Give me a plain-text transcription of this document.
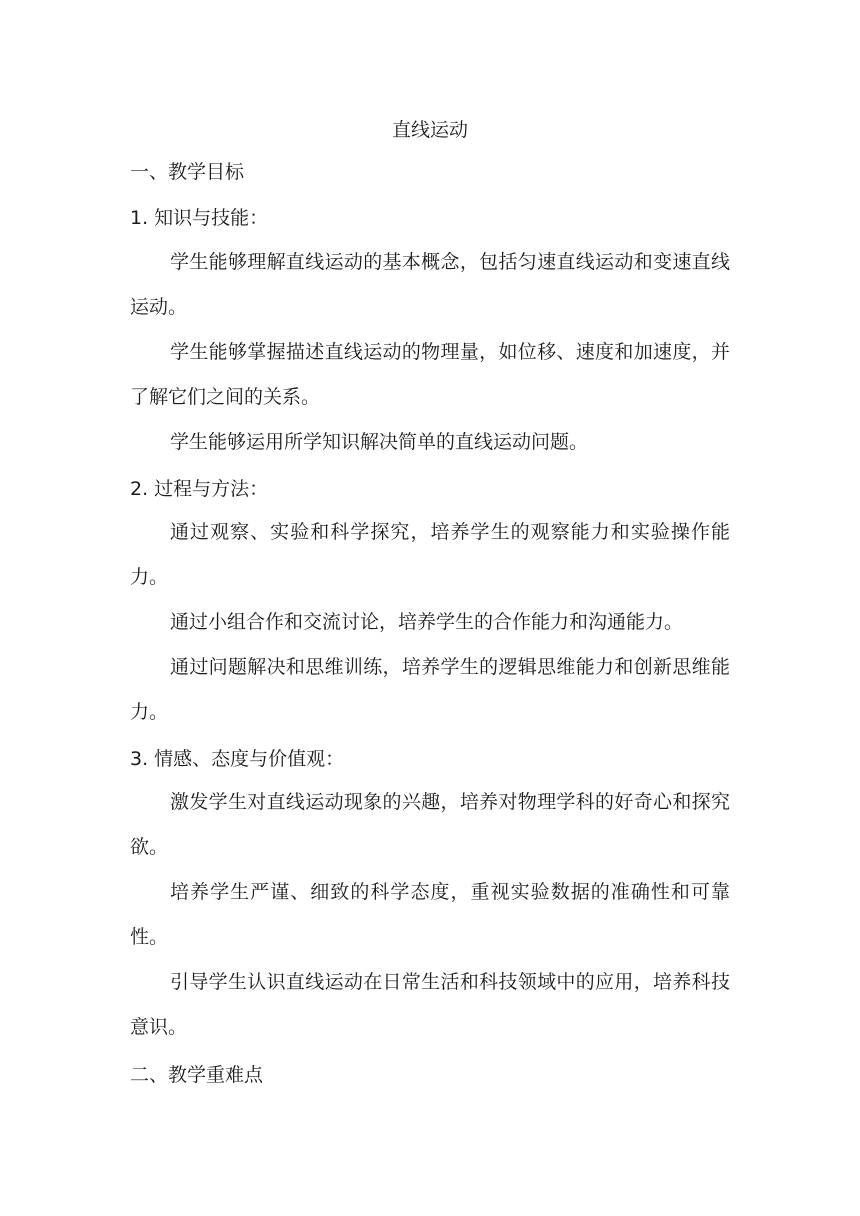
直线运动
一、教学目标
1. 知识与技能：
学生能够理解直线运动的基本概念，包括匀速直线运动和变速直线运动。
学生能够掌握描述直线运动的物理量，如位移、速度和加速度，并了解它们之间的关系。
学生能够运用所学知识解决简单的直线运动问题。
2. 过程与方法：
通过观察、实验和科学探究，培养学生的观察能力和实验操作能力。
通过小组合作和交流讨论，培养学生的合作能力和沟通能力。
通过问题解决和思维训练，培养学生的逻辑思维能力和创新思维能力。
3. 情感、态度与价值观：
激发学生对直线运动现象的兴趣，培养对物理学科的好奇心和探究欲。
培养学生严谨、细致的科学态度，重视实验数据的准确性和可靠性。
引导学生认识直线运动在日常生活和科技领域中的应用，培养科技意识。
二、教学重难点
